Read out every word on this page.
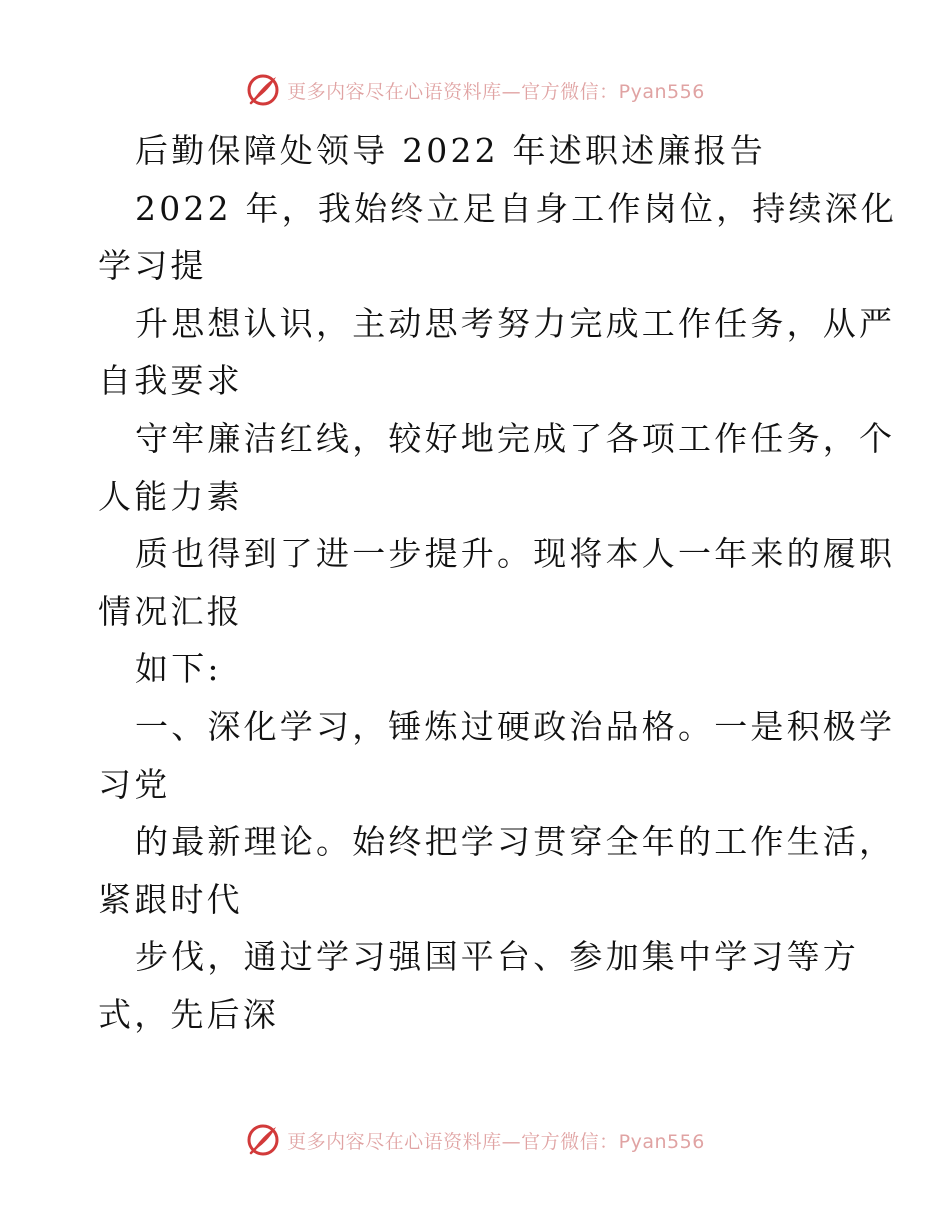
更多内容尽在心语资料库—官方微信：Pyan556
后勤保障处领导 2022 年述职述廉报告
2022 年，我始终立足自身工作岗位，持续深化
学习提
升思想认识，主动思考努力完成工作任务，从严
自我要求
守牢廉洁红线，较好地完成了各项工作任务，个
人能力素
质也得到了进一步提升。现将本人一年来的履职
情况汇报
如下:
一、深化学习，锤炼过硬政治品格。一是积极学
习党
的最新理论。始终把学习贯穿全年的工作生活，
紧跟时代
步伐，通过学习强国平台、参加集中学习等方
式，先后深
更多内容尽在心语资料库—官方微信：Pyan556
